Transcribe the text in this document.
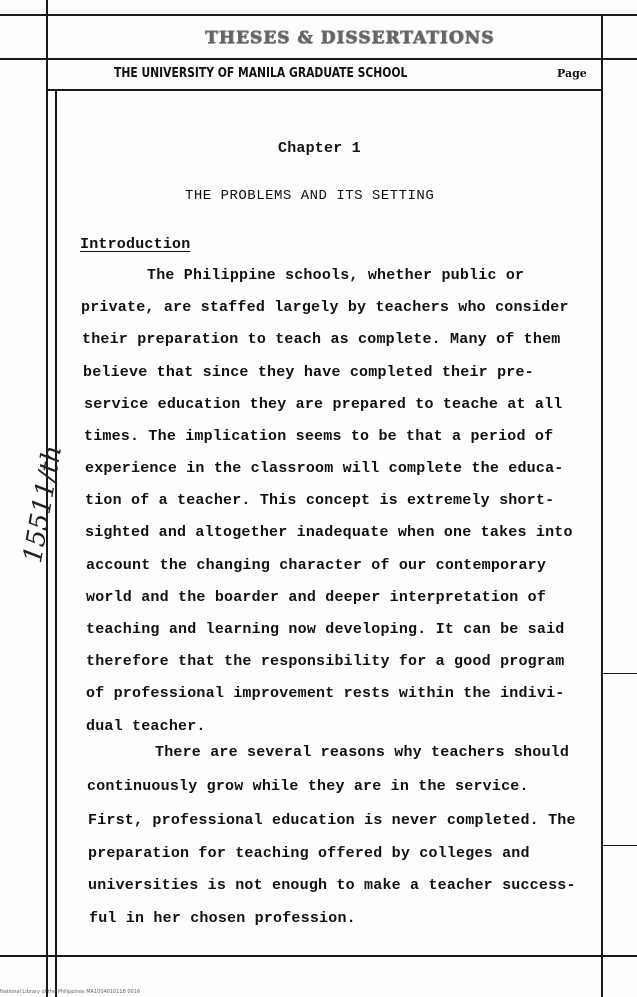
THESES & DISSERTATIONS
THE UNIVERSITY OF MANILA GRADUATE SCHOOL	Page
Chapter 1
THE PROBLEMS AND ITS SETTING
Introduction
The Philippine schools, whether public or
private, are staffed largely by teachers who consider
their preparation to teach as complete. Many of them
believe that since they have completed their pre-
service education they are prepared to teache at all
times. The implication seems to be that a period of
experience in the classroom will complete the educa-
tion of a teacher. This concept is extremely short-
sighted and altogether inadequate when one takes into
account the changing character of our contemporary
world and the boarder and deeper interpretation of
teaching and learning now developing. It can be said
therefore that the responsibility for a good program
of professional improvement rests within the indivi-
dual teacher.
There are several reasons why teachers should
continuously grow while they are in the service.
First, professional education is never completed. The
preparation for teaching offered by colleges and
universities is not enough to make a teacher success-
ful in her chosen profession.
15511/th
National Library of the Philippines MA1004010118 0016
